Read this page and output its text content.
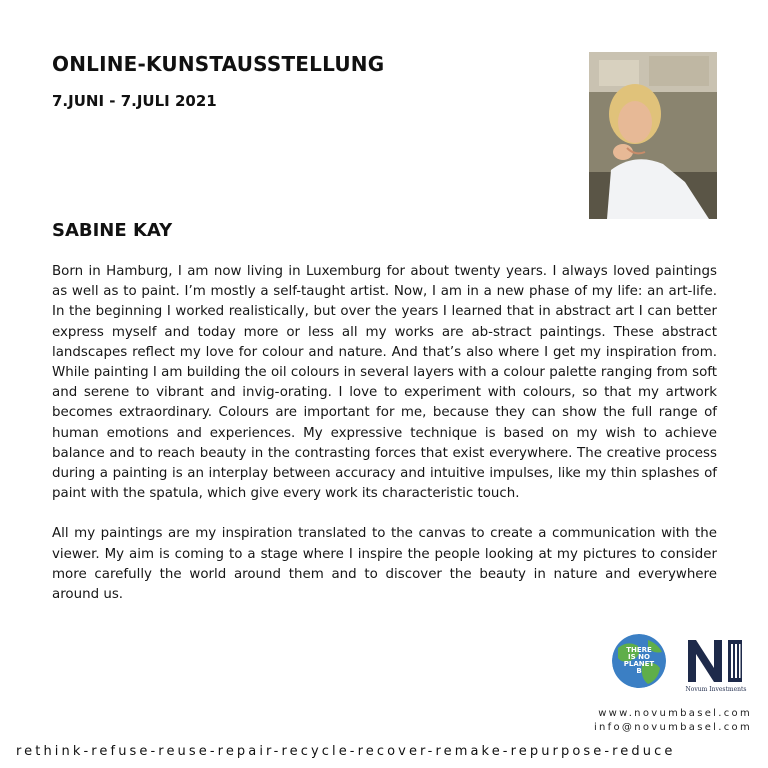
ONLINE-KUNSTAUSSTELLUNG
7.JUNI - 7.JULI 2021
SABINE KAY

Born in Hamburg, I am now living in Luxemburg for about twenty years. I always loved paintings as well as to paint. I’m mostly a self-taught artist. Now, I am in a new phase of my life: an art-life. In the beginning I worked realistically, but over the years I learned that in abstract art I can better express myself and today more or less all my works are ab-stract paintings. These abstract landscapes reflect my love for colour and nature. And that’s also where I get my inspiration from. While painting I am building the oil colours in several layers with a colour palette ranging from soft and serene to vibrant and invig-orating. I love to experiment with colours, so that my artwork becomes extraordinary. Colours are important for me, because they can show the full range of human emotions and experiences. My expressive technique is based on my wish to achieve balance and to reach beauty in the contrasting forces that exist everywhere. The creative process during a painting is an interplay between accuracy and intuitive impulses, like my thin splashes of paint with the spatula, which give every work its characteristic touch.

All my paintings are my inspiration translated to the canvas to create a communication with the viewer. My aim is coming to a stage where I inspire the people looking at my pictures to consider more carefully the world around them and to discover the beauty in nature and everywhere around us.

THERE
IS NO
PLANET
B
Novum Investments
www.novumbasel.com
info@novumbasel.com
rethink-refuse-reuse-repair-recycle-recover-remake-repurpose-reduce
